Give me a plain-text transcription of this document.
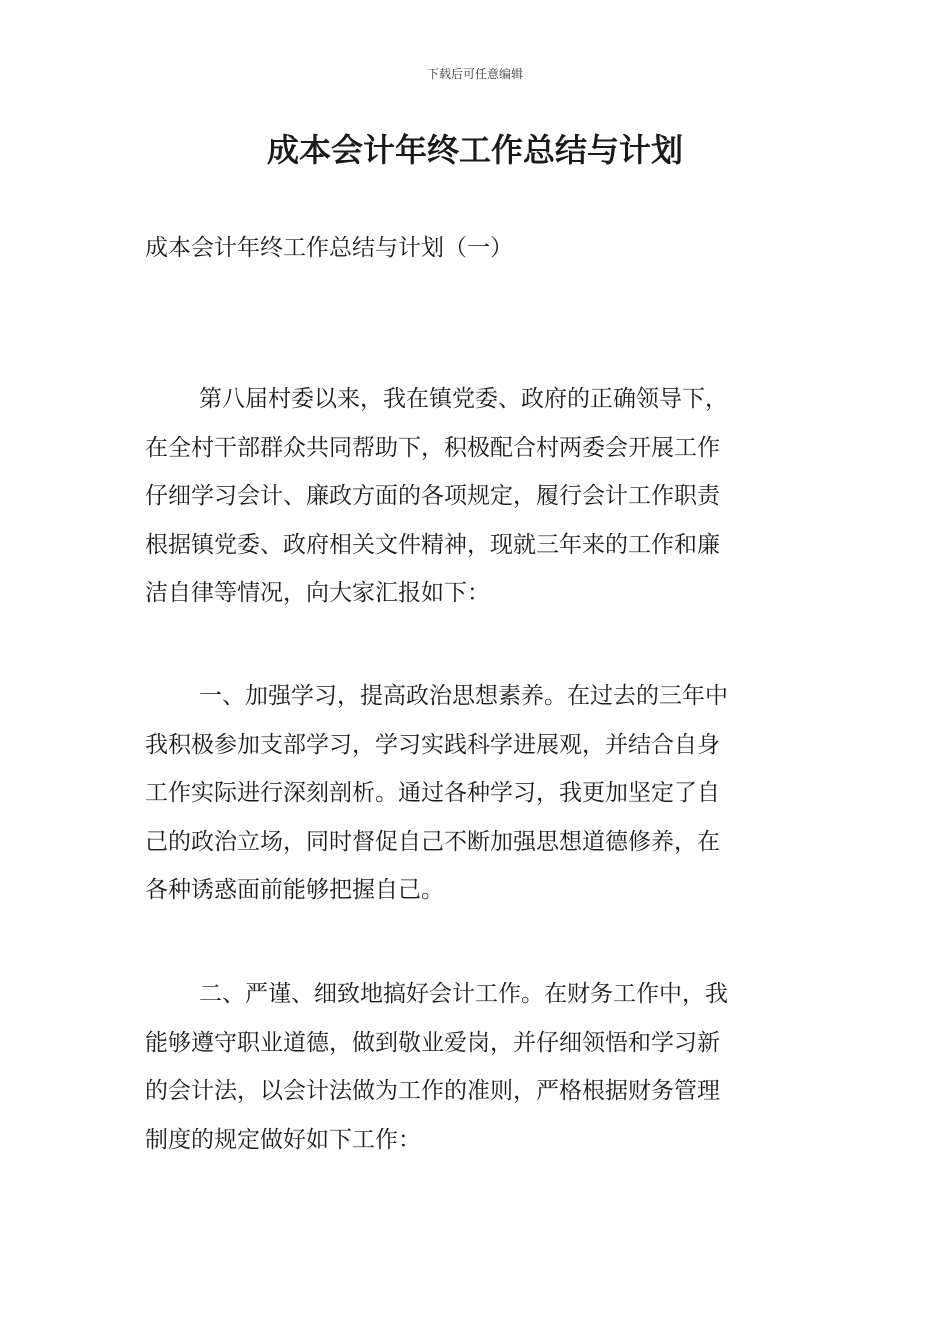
下载后可任意编辑
成本会计年终工作总结与计划

成本会计年终工作总结与计划（一）

第八届村委以来，我在镇党委、政府的正确领导下，
在全村干部群众共同帮助下，积极配合村两委会开展工作
仔细学习会计、廉政方面的各项规定，履行会计工作职责
根据镇党委、政府相关文件精神，现就三年来的工作和廉
洁自律等情况，向大家汇报如下：
一、加强学习，提高政治思想素养。在过去的三年中
我积极参加支部学习，学习实践科学进展观，并结合自身
工作实际进行深刻剖析。通过各种学习，我更加坚定了自
己的政治立场，同时督促自己不断加强思想道德修养，在
各种诱惑面前能够把握自己。
二、严谨、细致地搞好会计工作。在财务工作中，我
能够遵守职业道德，做到敬业爱岗，并仔细领悟和学习新
的会计法，以会计法做为工作的准则，严格根据财务管理
制度的规定做好如下工作：
